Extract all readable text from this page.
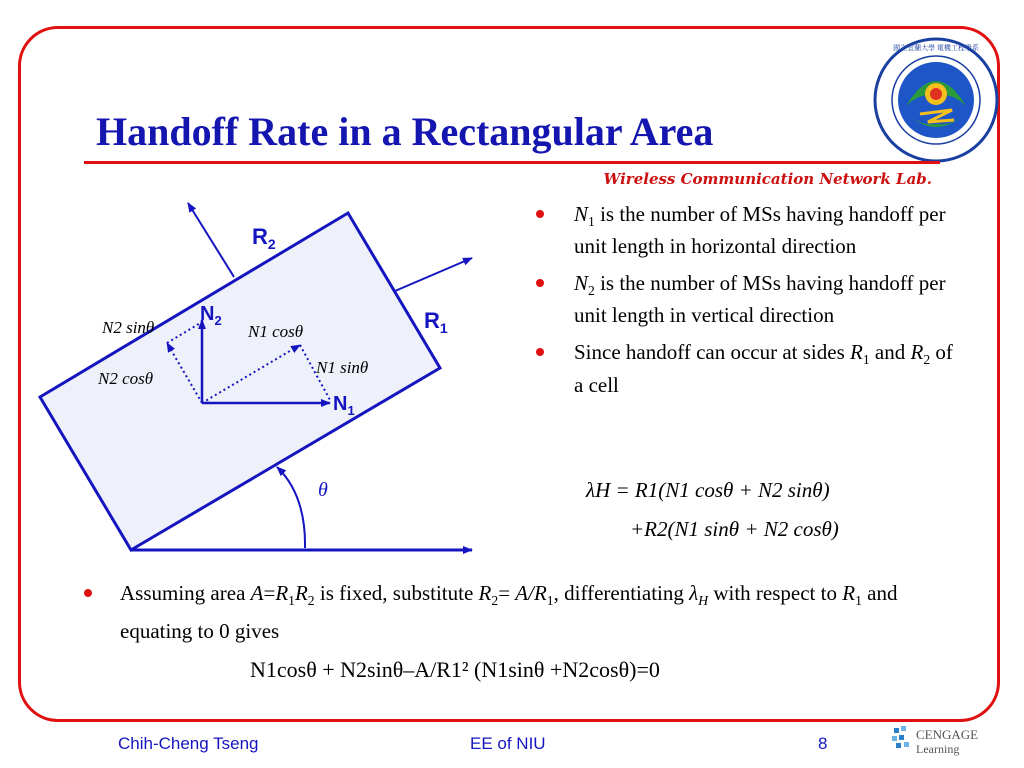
國立宜蘭大學 電機工程學系
Handoff Rate in a Rectangular Area
Wireless Communication Network Lab.
$R_2$
$R_1$
$N_2$
$N_1$
θ
N2 sinθ
N2 cosθ
N1 cosθ
N1 sinθ
$N_1$ is the number of MSs having handoff per unit length in horizontal direction
$N_2$ is the number of MSs having handoff per unit length in vertical direction
Since handoff can occur at sides $R_1$ and $R_2$ of a cell
λH = R1(N1 cosθ + N2 sinθ)
+R2(N1 sinθ + N2 cosθ)
Assuming area $A=R_1R_2$ is fixed, substitute $R_2= A/R_1$, differentiating $\lambda_H$ with respect to $R_1$ and equating to 0 gives
N1cosθ + N2sinθ–A/R1² (N1sinθ +N2cosθ)=0
Chih-Cheng Tseng	EE of NIU	8	CENGAGE
Learning
